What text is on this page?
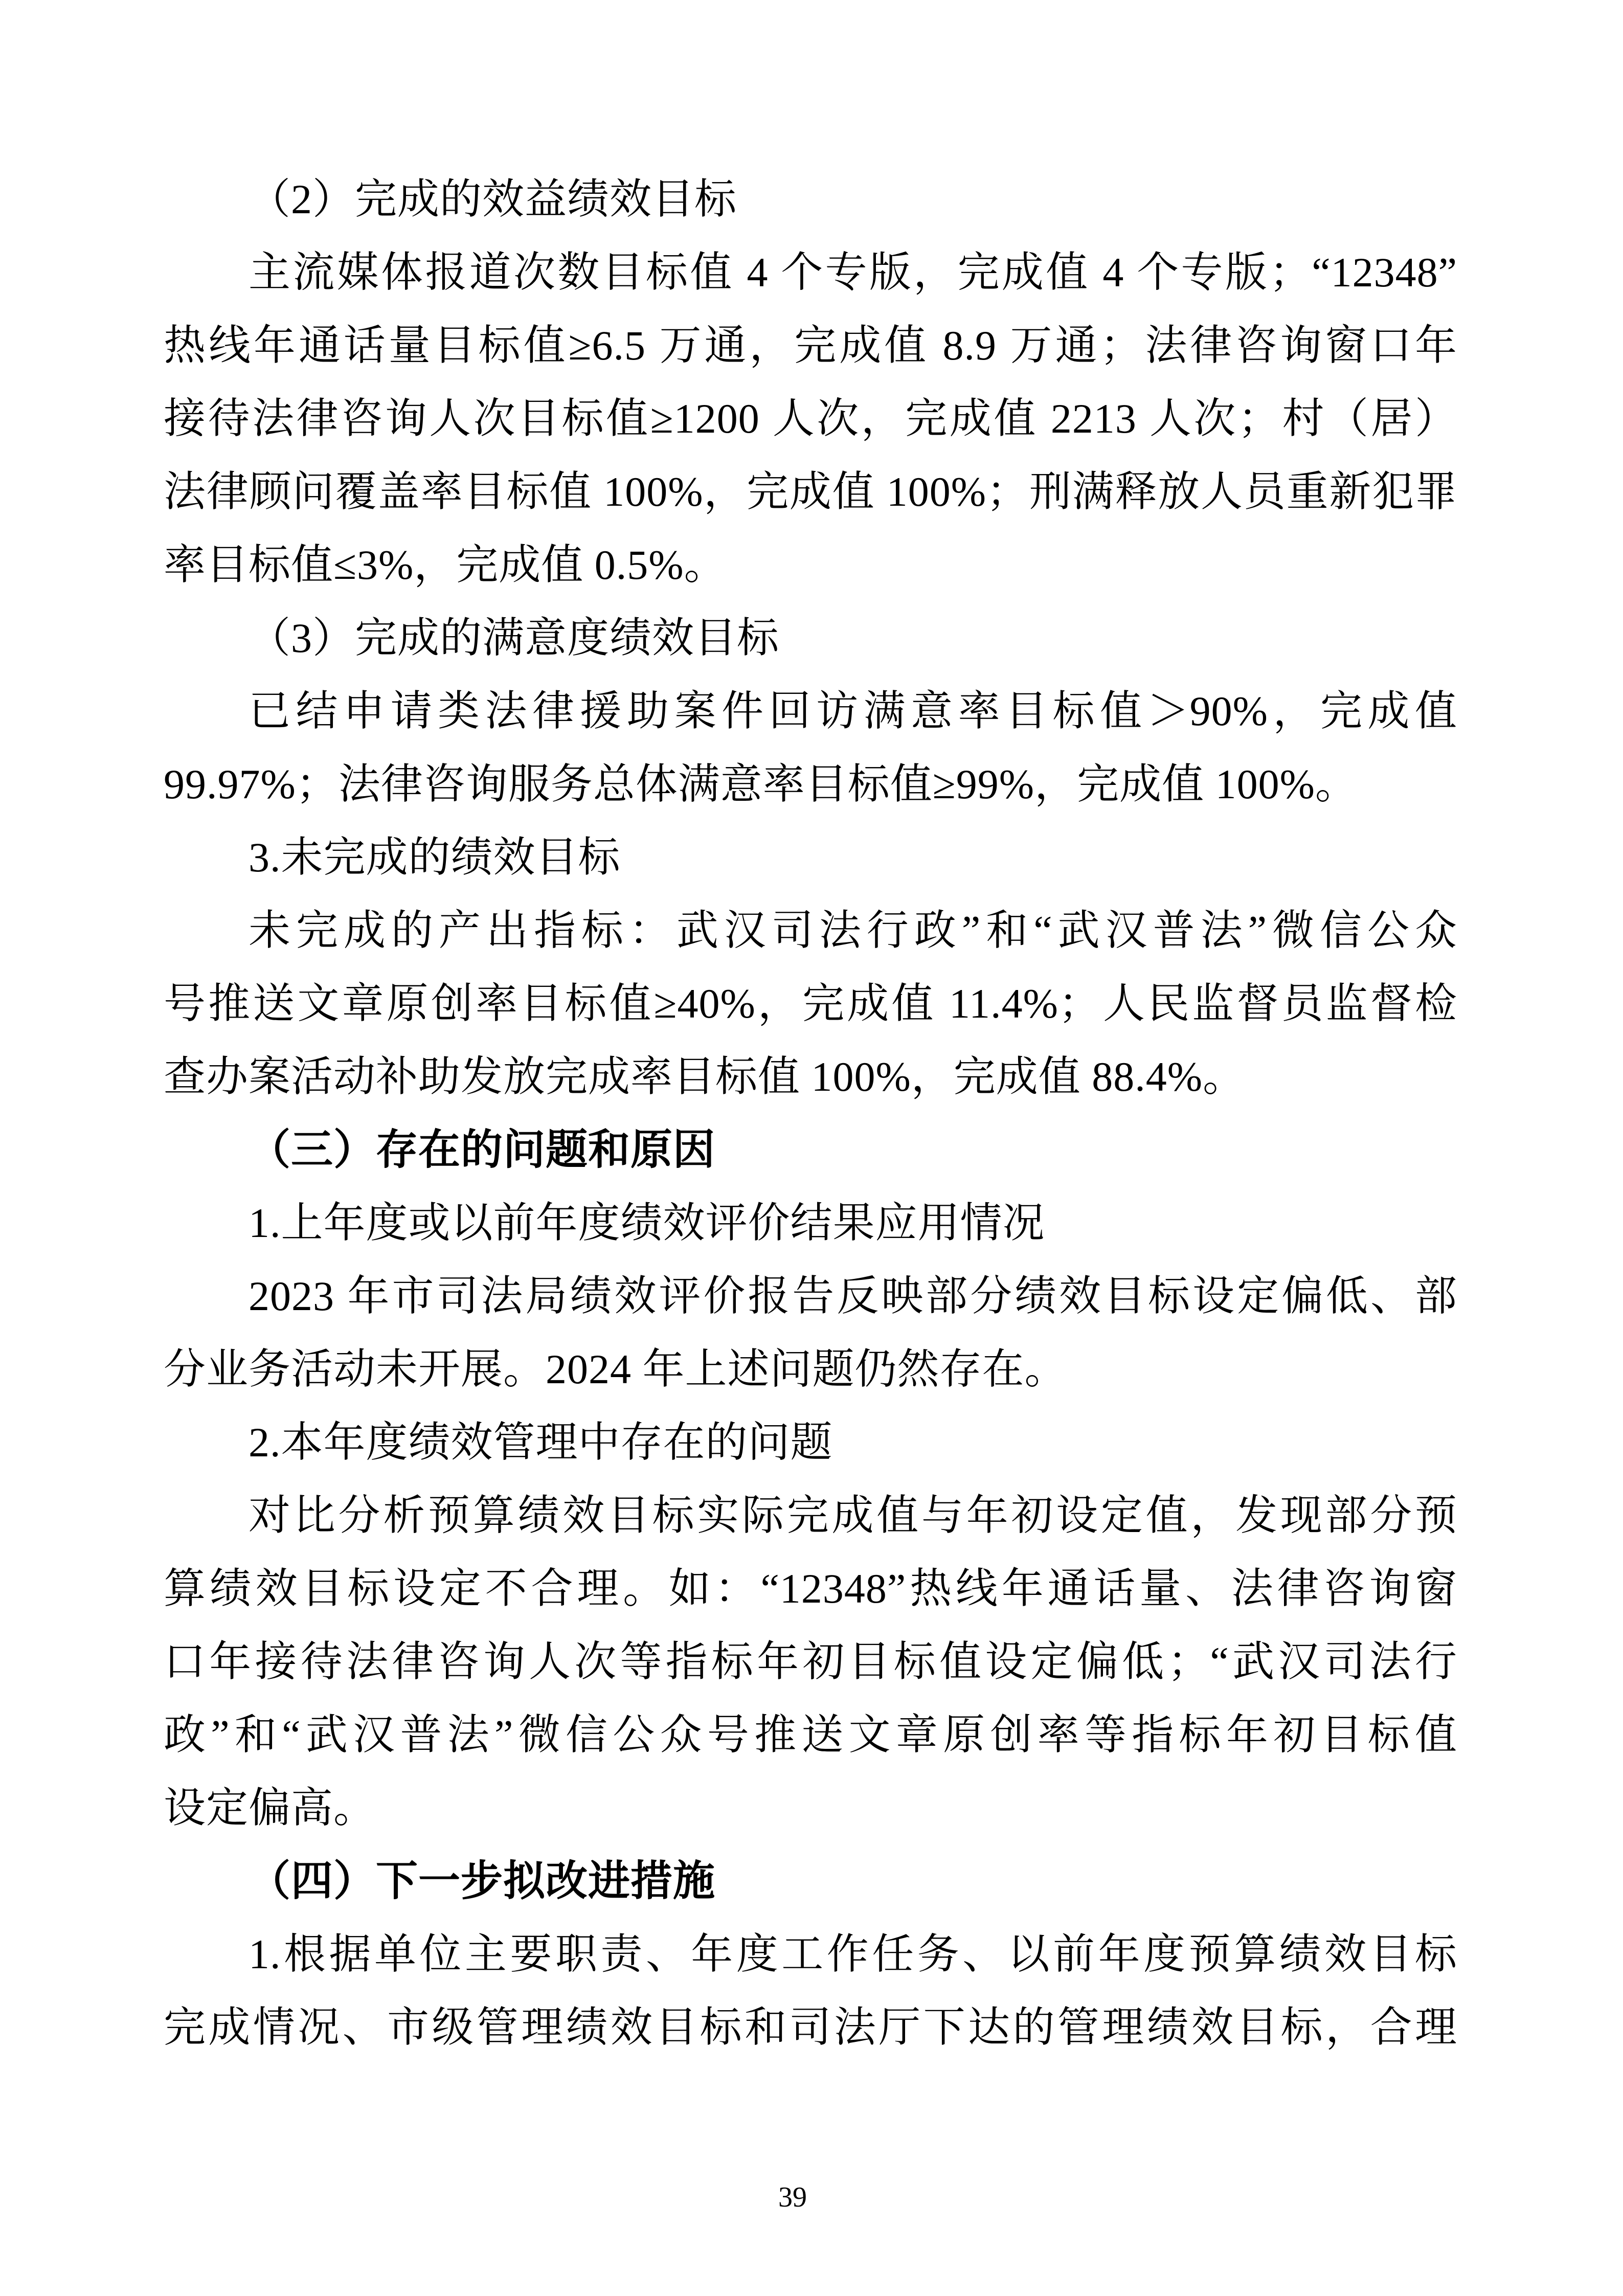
（2）完成的效益绩效目标
主流媒体报道次数目标值 4 个专版，完成值 4 个专版；“12348”
热线年通话量目标值≥6.5 万通，完成值 8.9 万通；法律咨询窗口年
接待法律咨询人次目标值≥1200 人次，完成值 2213 人次；村（居）
法律顾问覆盖率目标值 100%，完成值 100%；刑满释放人员重新犯罪
率目标值≤3%，完成值 0.5%。
（3）完成的满意度绩效目标
已结申请类法律援助案件回访满意率目标值＞90%，完成值
99.97%；法律咨询服务总体满意率目标值≥99%，完成值 100%。
3.未完成的绩效目标
未完成的产出指标：武汉司法行政”和“武汉普法”微信公众
号推送文章原创率目标值≥40%，完成值 11.4%；人民监督员监督检
查办案活动补助发放完成率目标值 100%，完成值 88.4%。
（三）存在的问题和原因
1.上年度或以前年度绩效评价结果应用情况
2023 年市司法局绩效评价报告反映部分绩效目标设定偏低、部
分业务活动未开展。2024 年上述问题仍然存在。
2.本年度绩效管理中存在的问题
对比分析预算绩效目标实际完成值与年初设定值，发现部分预
算绩效目标设定不合理。如：“12348”热线年通话量、法律咨询窗
口年接待法律咨询人次等指标年初目标值设定偏低；“武汉司法行
政”和“武汉普法”微信公众号推送文章原创率等指标年初目标值
设定偏高。
（四）下一步拟改进措施
1.根据单位主要职责、年度工作任务、以前年度预算绩效目标
完成情况、市级管理绩效目标和司法厅下达的管理绩效目标，合理
39
